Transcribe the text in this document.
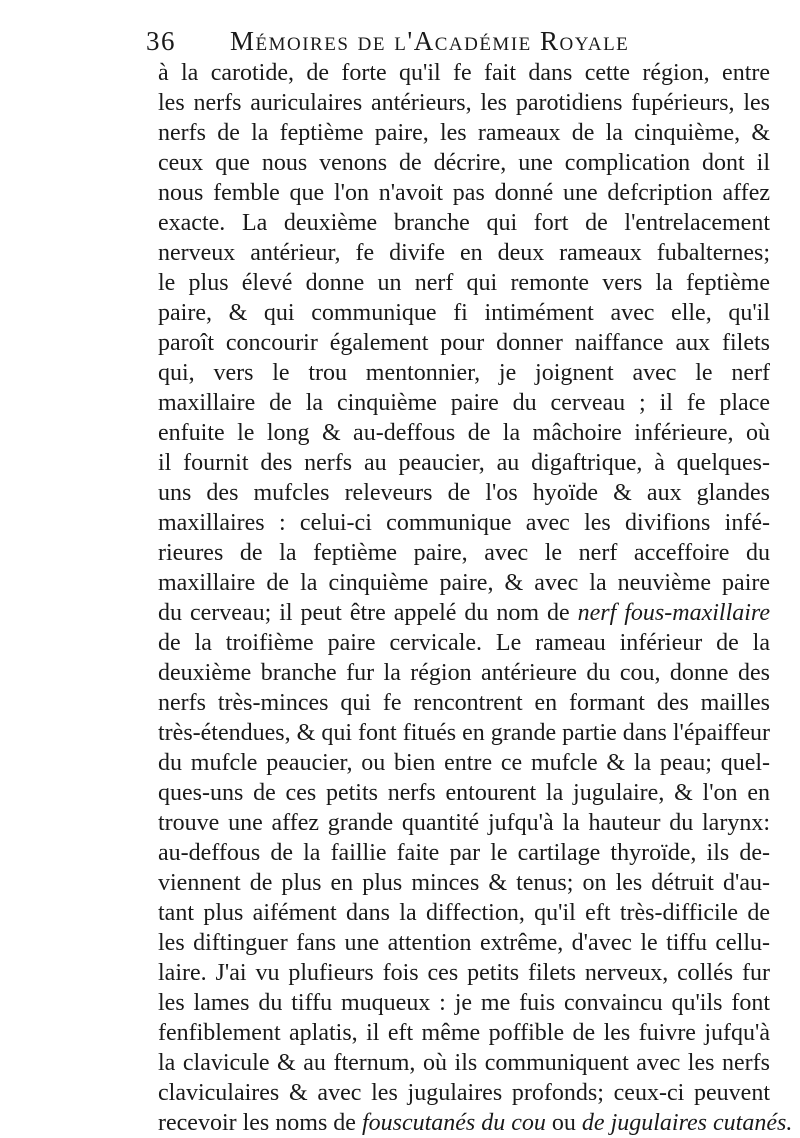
36 Mémoires de l'Académie Royale
à la carotide, de forte qu'il fe fait dans cette région, entre
les nerfs auriculaires antérieurs, les parotidiens fupérieurs, les
nerfs de la feptième paire, les rameaux de la cinquième, &
ceux que nous venons de décrire, une complication dont il
nous femble que l'on n'avoit pas donné une defcription affez
exacte. La deuxième branche qui fort de l'entrelacement
nerveux antérieur, fe divife en deux rameaux fubalternes;
le plus élevé donne un nerf qui remonte vers la feptième
paire, & qui communique fi intimément avec elle, qu'il
paroît concourir également pour donner naiffance aux filets
qui, vers le trou mentonnier, je joignent avec le nerf
maxillaire de la cinquième paire du cerveau ; il fe place
enfuite le long & au-deffous de la mâchoire inférieure, où
il fournit des nerfs au peaucier, au digaftrique, à quelques-
uns des mufcles releveurs de l'os hyoïde & aux glandes
maxillaires : celui-ci communique avec les divifions infé-
rieures de la feptième paire, avec le nerf acceffoire du
maxillaire de la cinquième paire, & avec la neuvième paire
du cerveau; il peut être appelé du nom de nerf fous-maxillaire
de la troifième paire cervicale. Le rameau inférieur de la
deuxième branche fur la région antérieure du cou, donne des
nerfs très-minces qui fe rencontrent en formant des mailles
très-étendues, & qui font fitués en grande partie dans l'épaiffeur
du mufcle peaucier, ou bien entre ce mufcle & la peau; quel-
ques-uns de ces petits nerfs entourent la jugulaire, & l'on en
trouve une affez grande quantité jufqu'à la hauteur du larynx:
au-deffous de la faillie faite par le cartilage thyroïde, ils de-
viennent de plus en plus minces & tenus; on les détruit d'au-
tant plus aifément dans la diffection, qu'il eft très-difficile de
les diftinguer fans une attention extrême, d'avec le tiffu cellu-
laire. J'ai vu plufieurs fois ces petits filets nerveux, collés fur
les lames du tiffu muqueux : je me fuis convaincu qu'ils font
fenfiblement aplatis, il eft même poffible de les fuivre jufqu'à
la clavicule & au fternum, où ils communiquent avec les nerfs
claviculaires & avec les jugulaires profonds; ceux-ci peuvent
recevoir les noms de fouscutanés du cou ou de jugulaires cutanés.
